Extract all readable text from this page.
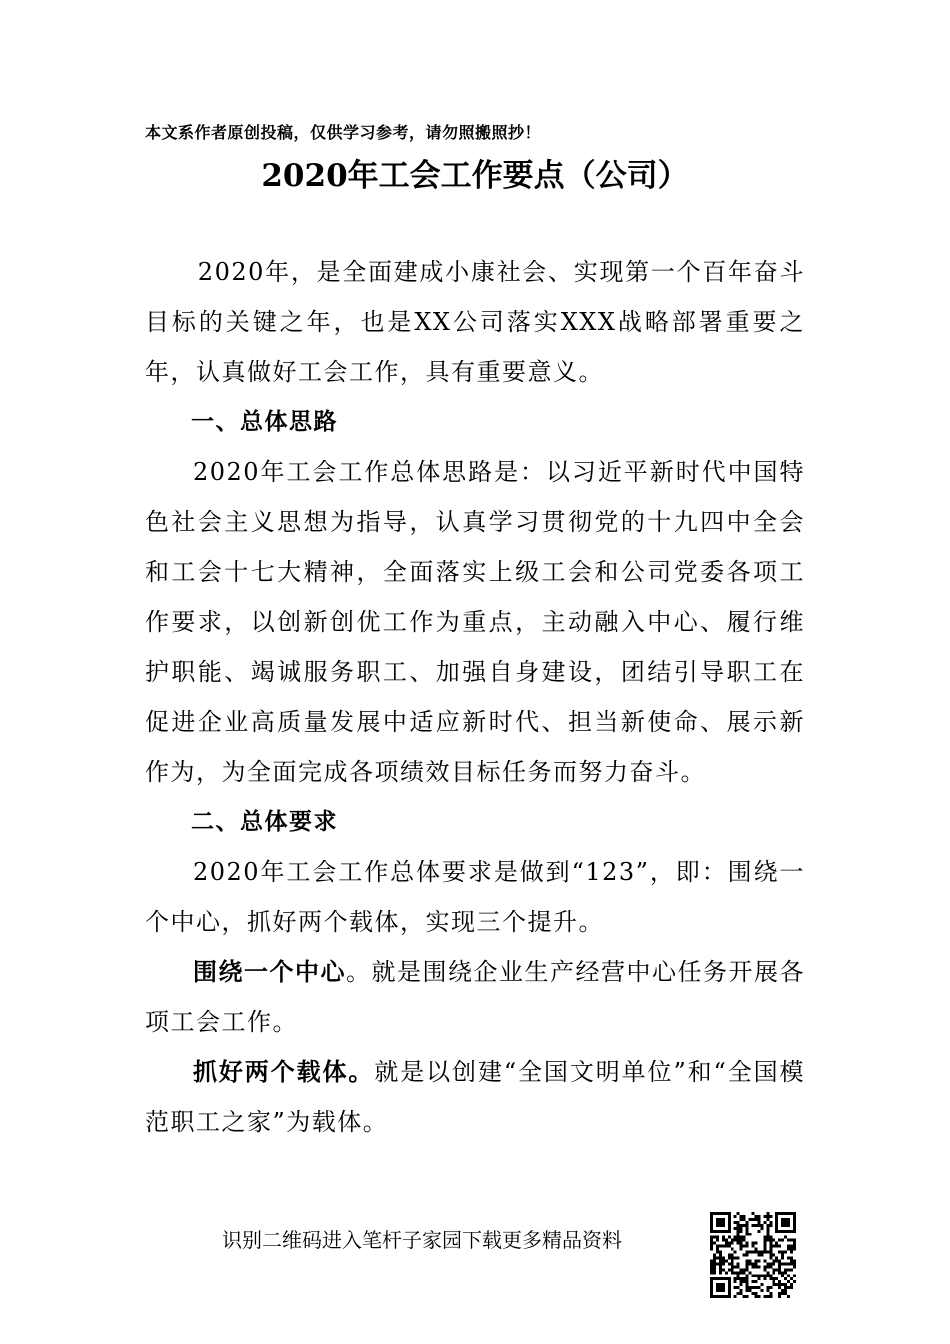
本文系作者原创投稿，仅供学习参考，请勿照搬照抄！
2020年工会工作要点（公司）

2020年，是全面建成小康社会、实现第一个百年奋斗目标的关键之年，也是XX公司落实XXX战略部署重要之年，认真做好工会工作，具有重要意义。

一、总体思路

2020年工会工作总体思路是：以习近平新时代中国特色社会主义思想为指导，认真学习贯彻党的十九四中全会和工会十七大精神，全面落实上级工会和公司党委各项工作要求，以创新创优工作为重点，主动融入中心、履行维护职能、竭诚服务职工、加强自身建设，团结引导职工在促进企业高质量发展中适应新时代、担当新使命、展示新作为，为全面完成各项绩效目标任务而努力奋斗。

二、总体要求

2020年工会工作总体要求是做到“123”，即：围绕一个中心，抓好两个载体，实现三个提升。

围绕一个中心。就是围绕企业生产经营中心任务开展各项工会工作。

抓好两个载体。就是以创建“全国文明单位”和“全国模范职工之家”为载体。

识别二维码进入笔杆子家园下载更多精品资料
